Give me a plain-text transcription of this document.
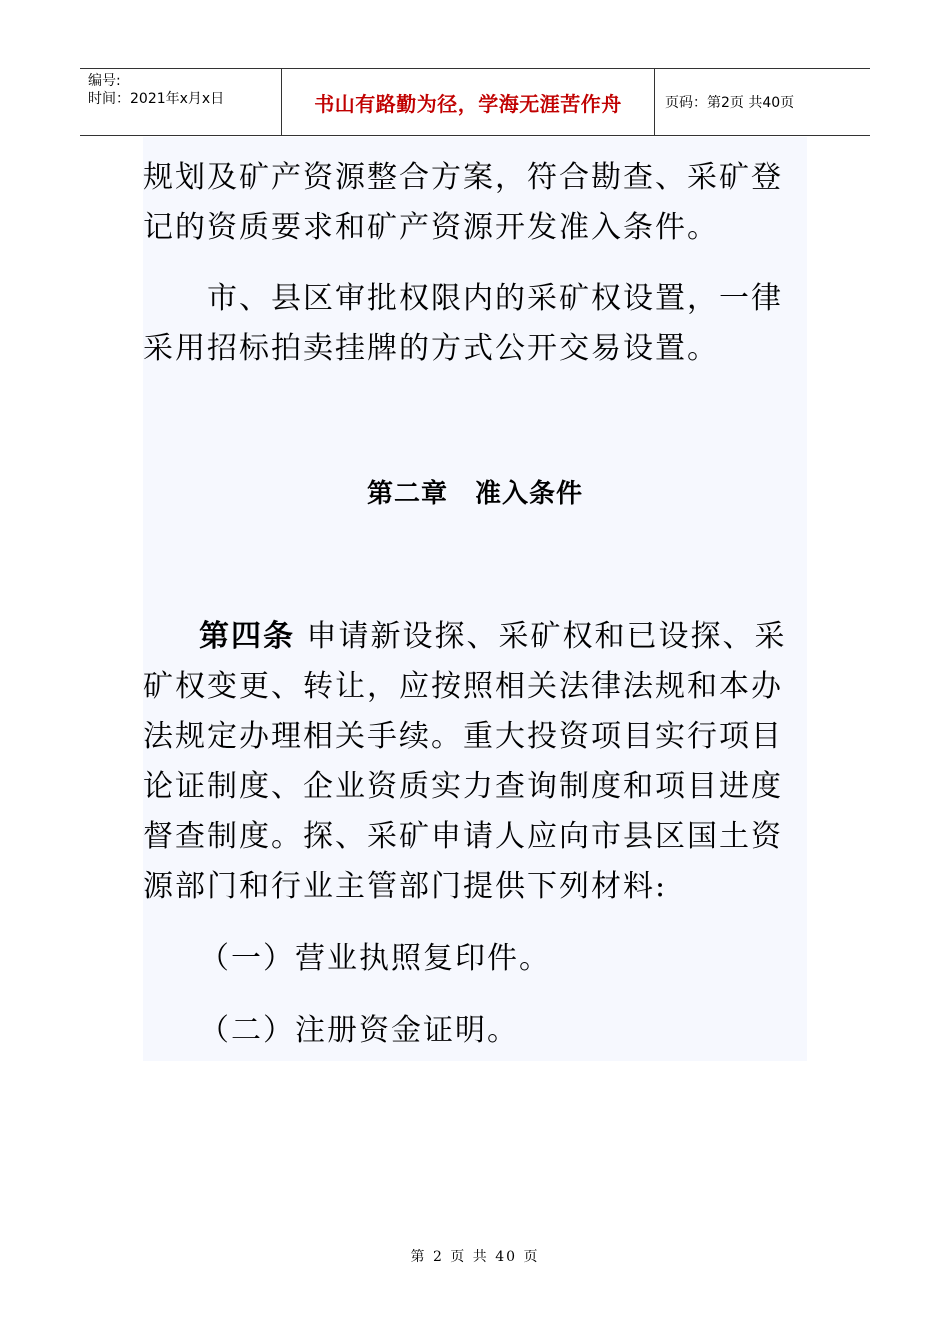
编号:
时间：2021年x月x日	书山有路勤为径，学海无涯苦作舟	页码：第2页 共40页

规划及矿产资源整合方案，符合勘查、采矿登记的资质要求和矿产资源开发准入条件。

市、县区审批权限内的采矿权设置，一律采用招标拍卖挂牌的方式公开交易设置。

第二章　准入条件

第四条 申请新设探、采矿权和已设探、采矿权变更、转让，应按照相关法律法规和本办法规定办理相关手续。重大投资项目实行项目论证制度、企业资质实力查询制度和项目进度督查制度。探、采矿申请人应向市县区国土资源部门和行业主管部门提供下列材料:

（一）营业执照复印件。

（二）注册资金证明。

第 2 页 共 40 页
